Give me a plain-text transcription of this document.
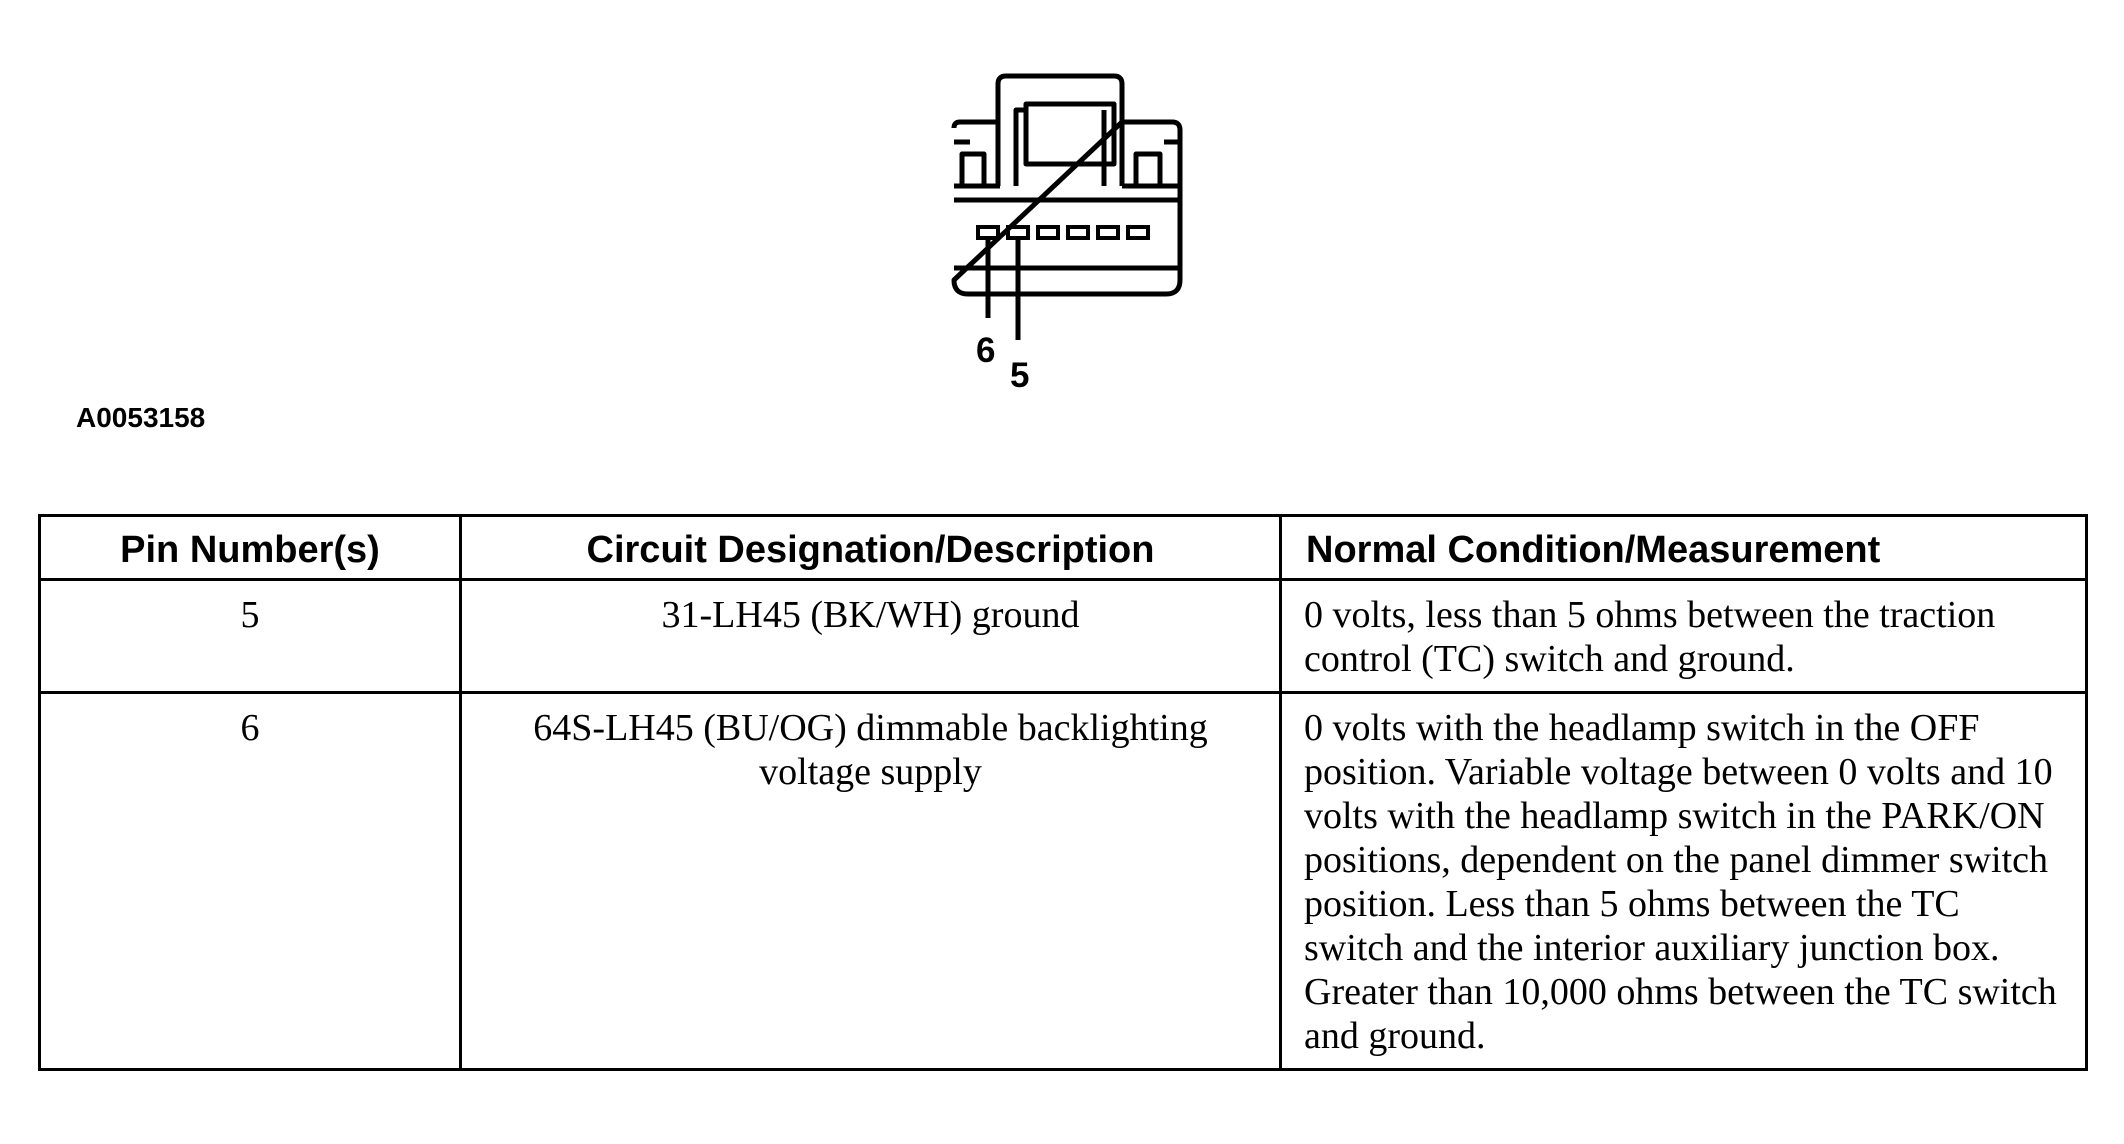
6
5
A0053158
Pin Number(s)	Circuit Designation/Description	Normal Condition/Measurement
5	31-LH45 (BK/WH) ground	0 volts, less than 5 ohms between the traction control (TC) switch and ground.
6	64S-LH45 (BU/OG) dimmable backlighting voltage supply	0 volts with the headlamp switch in the OFF position. Variable voltage between 0 volts and 10 volts with the headlamp switch in the PARK/ON positions, dependent on the panel dimmer switch position. Less than 5 ohms between the TC switch and the interior auxiliary junction box. Greater than 10,000 ohms between the TC switch and ground.
